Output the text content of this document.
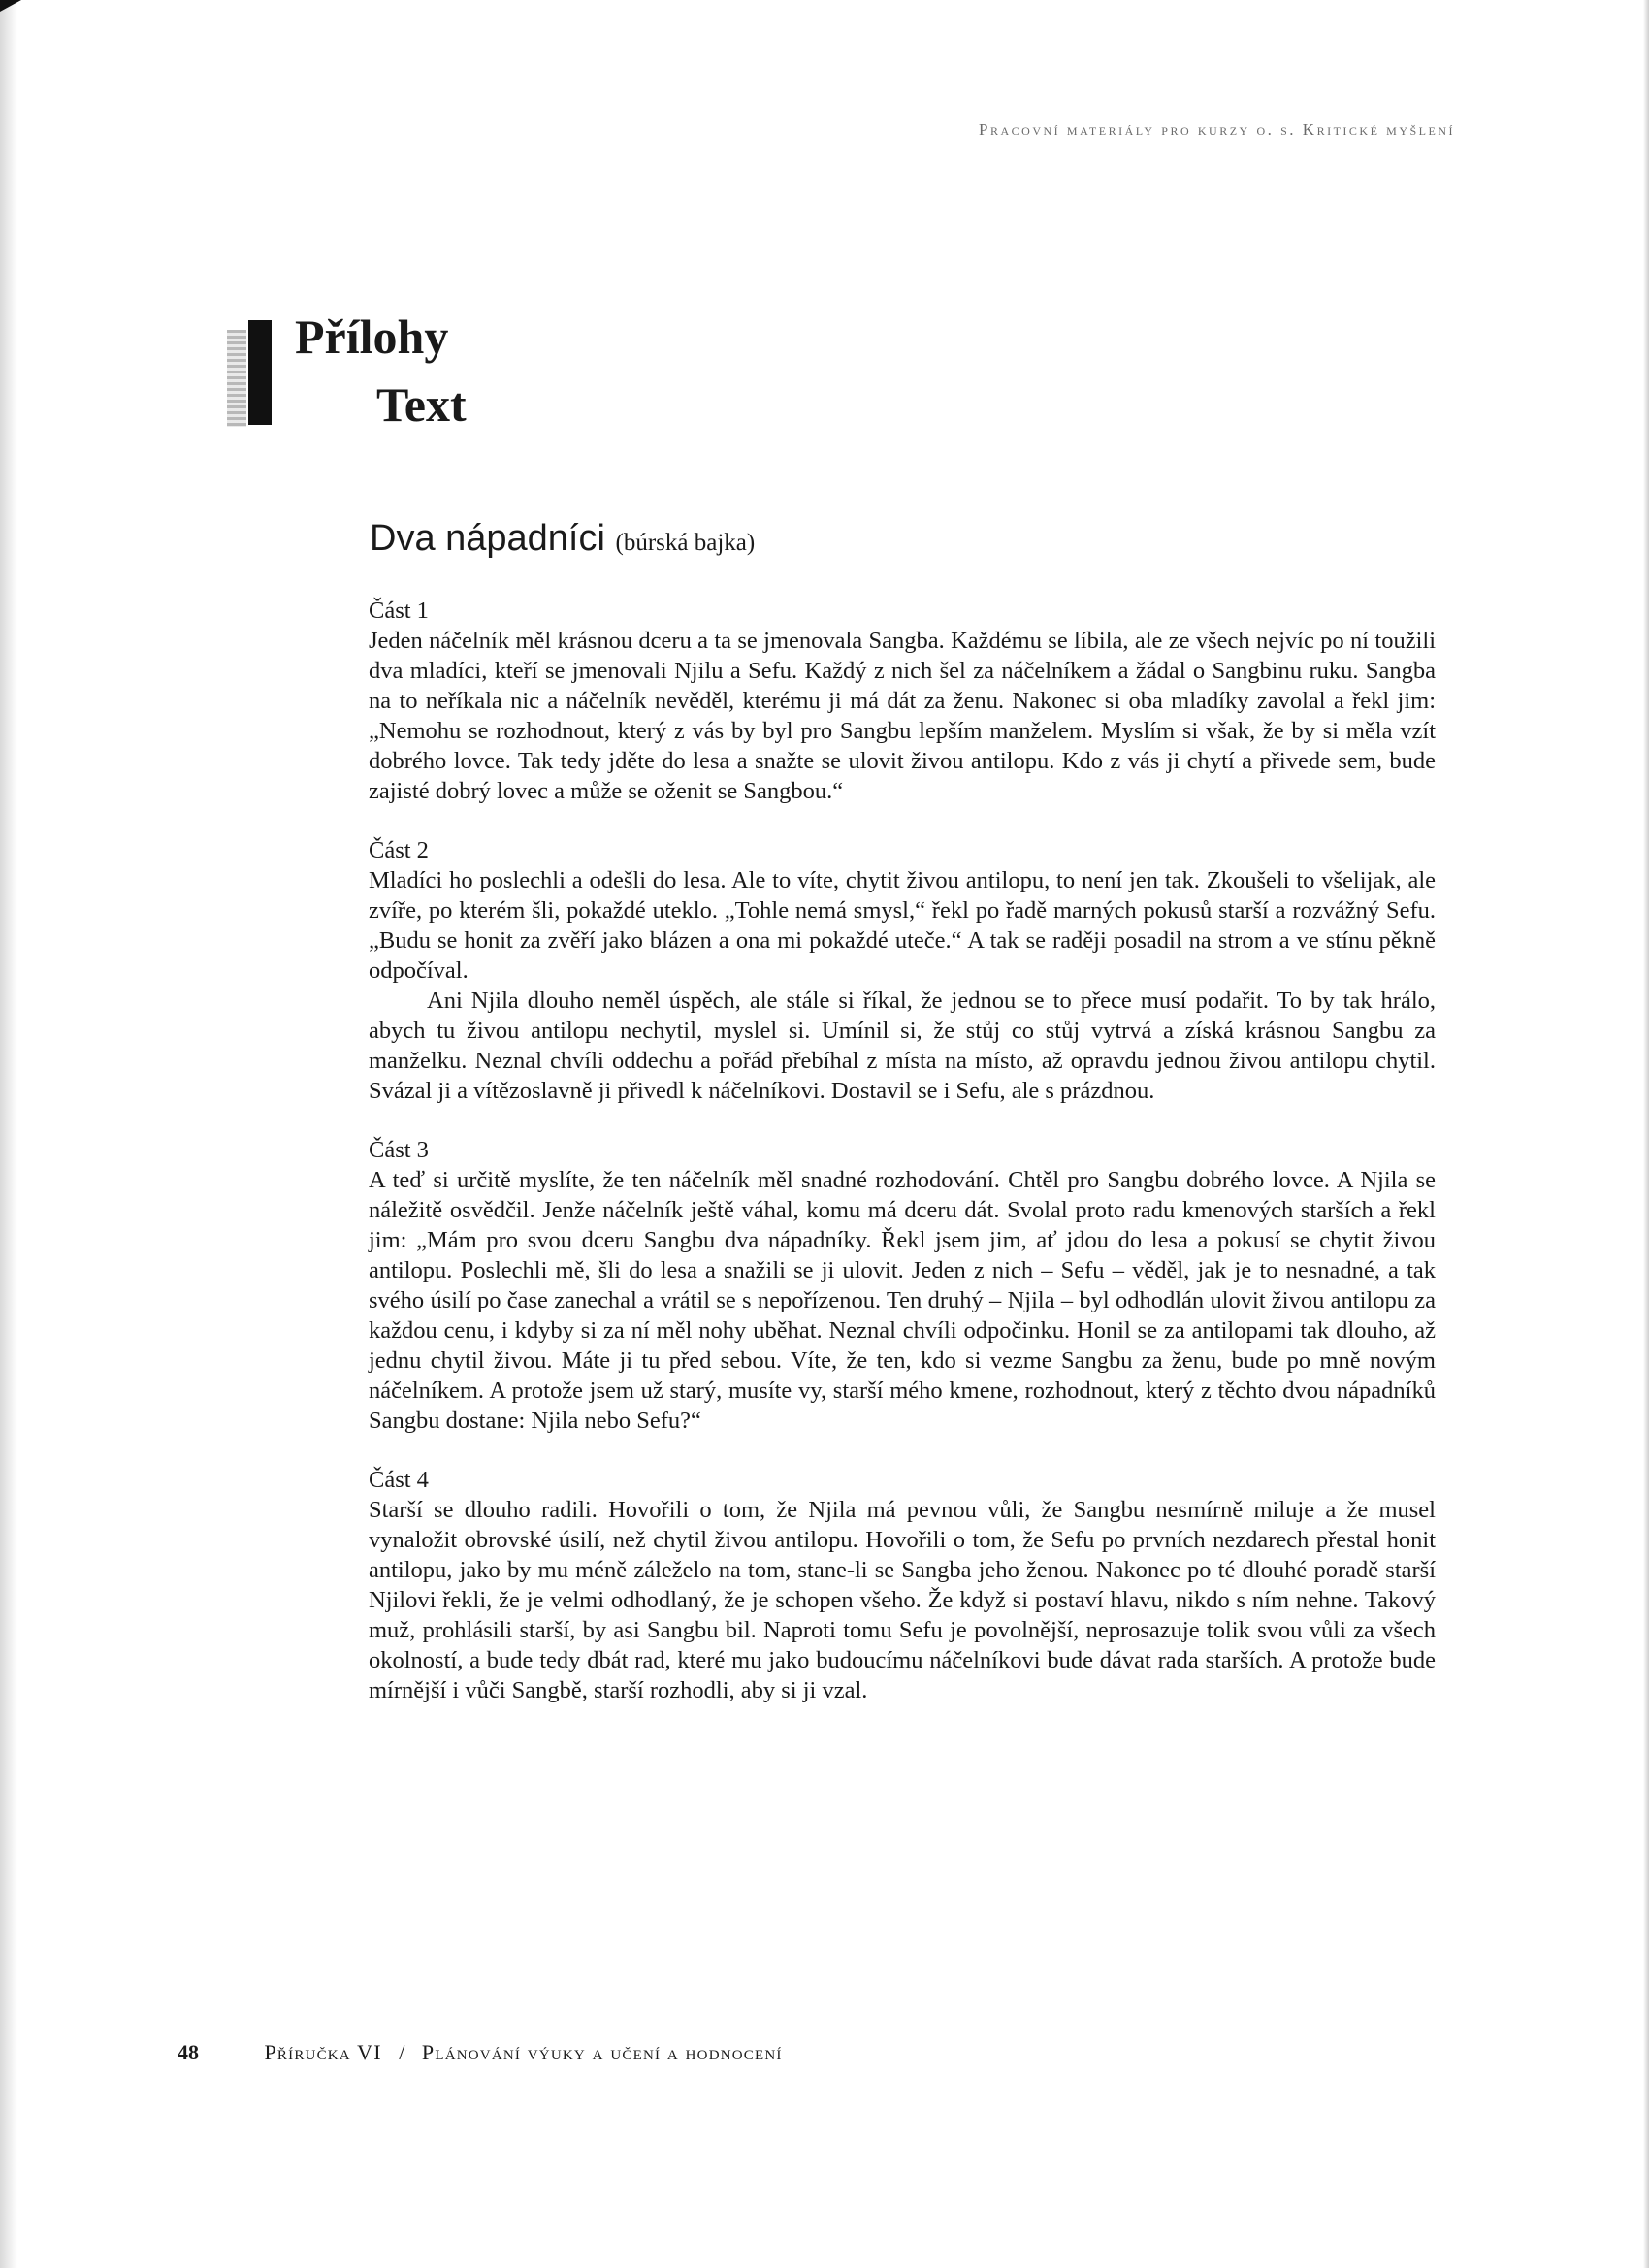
Pracovní materiály pro kurzy o. s. Kritické myšlení
Přílohy
Text
Dva nápadníci (búrská bajka)

Část 1

Jeden náčelník měl krásnou dceru a ta se jmenovala Sangba. Každému se líbila, ale ze všech nejvíc po ní toužili dva mladíci, kteří se jmenovali Njilu a Sefu. Každý z nich šel za náčelníkem a žádal o Sangbinu ruku. Sangba na to neříkala nic a náčelník nevěděl, kterému ji má dát za ženu. Nakonec si oba mladíky zavolal a řekl jim: „Nemohu se rozhodnout, který z vás by byl pro Sangbu lepším manželem. Myslím si však, že by si měla vzít dobrého lovce. Tak tedy jděte do lesa a snažte se ulovit živou antilopu. Kdo z vás ji chytí a přivede sem, bude zajisté dobrý lovec a může se oženit se Sangbou.“

Část 2

Mladíci ho poslechli a odešli do lesa. Ale to víte, chytit živou antilopu, to není jen tak. Zkoušeli to všelijak, ale zvíře, po kterém šli, pokaždé uteklo. „Tohle nemá smysl,“ řekl po řadě marných pokusů starší a rozvážný Sefu. „Budu se honit za zvěří jako blázen a ona mi pokaždé uteče.“ A tak se raději posadil na strom a ve stínu pěkně odpočíval.

Ani Njila dlouho neměl úspěch, ale stále si říkal, že jednou se to přece musí podařit. To by tak hrálo, abych tu živou antilopu nechytil, myslel si. Umínil si, že stůj co stůj vytrvá a získá krásnou Sangbu za manželku. Neznal chvíli oddechu a pořád přebíhal z místa na místo, až opravdu jednou živou antilopu chytil. Svázal ji a vítězoslavně ji přivedl k náčelníkovi. Dostavil se i Sefu, ale s prázdnou.

Část 3

A teď si určitě myslíte, že ten náčelník měl snadné rozhodování. Chtěl pro Sangbu dobrého lovce. A Njila se náležitě osvědčil. Jenže náčelník ještě váhal, komu má dceru dát. Svolal proto radu kmenových starších a řekl jim: „Mám pro svou dceru Sangbu dva nápadníky. Řekl jsem jim, ať jdou do lesa a pokusí se chytit živou antilopu. Poslechli mě, šli do lesa a snažili se ji ulovit. Jeden z nich – Sefu – věděl, jak je to nesnadné, a tak svého úsilí po čase zanechal a vrátil se s nepořízenou. Ten druhý – Njila – byl odhodlán ulovit živou antilopu za každou cenu, i kdyby si za ní měl nohy uběhat. Neznal chvíli odpočinku. Honil se za antilopami tak dlouho, až jednu chytil živou. Máte ji tu před sebou. Víte, že ten, kdo si vezme Sangbu za ženu, bude po mně novým náčelníkem. A protože jsem už starý, musíte vy, starší mého kmene, rozhodnout, který z těchto dvou nápadníků Sangbu dostane: Njila nebo Sefu?“

Část 4

Starší se dlouho radili. Hovořili o tom, že Njila má pevnou vůli, že Sangbu nesmírně miluje a že musel vynaložit obrovské úsilí, než chytil živou antilopu. Hovořili o tom, že Sefu po prvních nezdarech přestal honit antilopu, jako by mu méně záleželo na tom, stane-li se Sangba jeho ženou. Nakonec po té dlouhé poradě starší Njilovi řekli, že je velmi odhodlaný, že je schopen všeho. Že když si postaví hlavu, nikdo s ním nehne. Takový muž, prohlásili starší, by asi Sangbu bil. Naproti tomu Sefu je povolnější, neprosazuje tolik svou vůli za všech okolností, a bude tedy dbát rad, které mu jako budoucímu náčelníkovi bude dávat rada starších. A protože bude mírnější i vůči Sangbě, starší rozhodli, aby si ji vzal.

48	Příručka VI / Plánování výuky a učení a hodnocení
